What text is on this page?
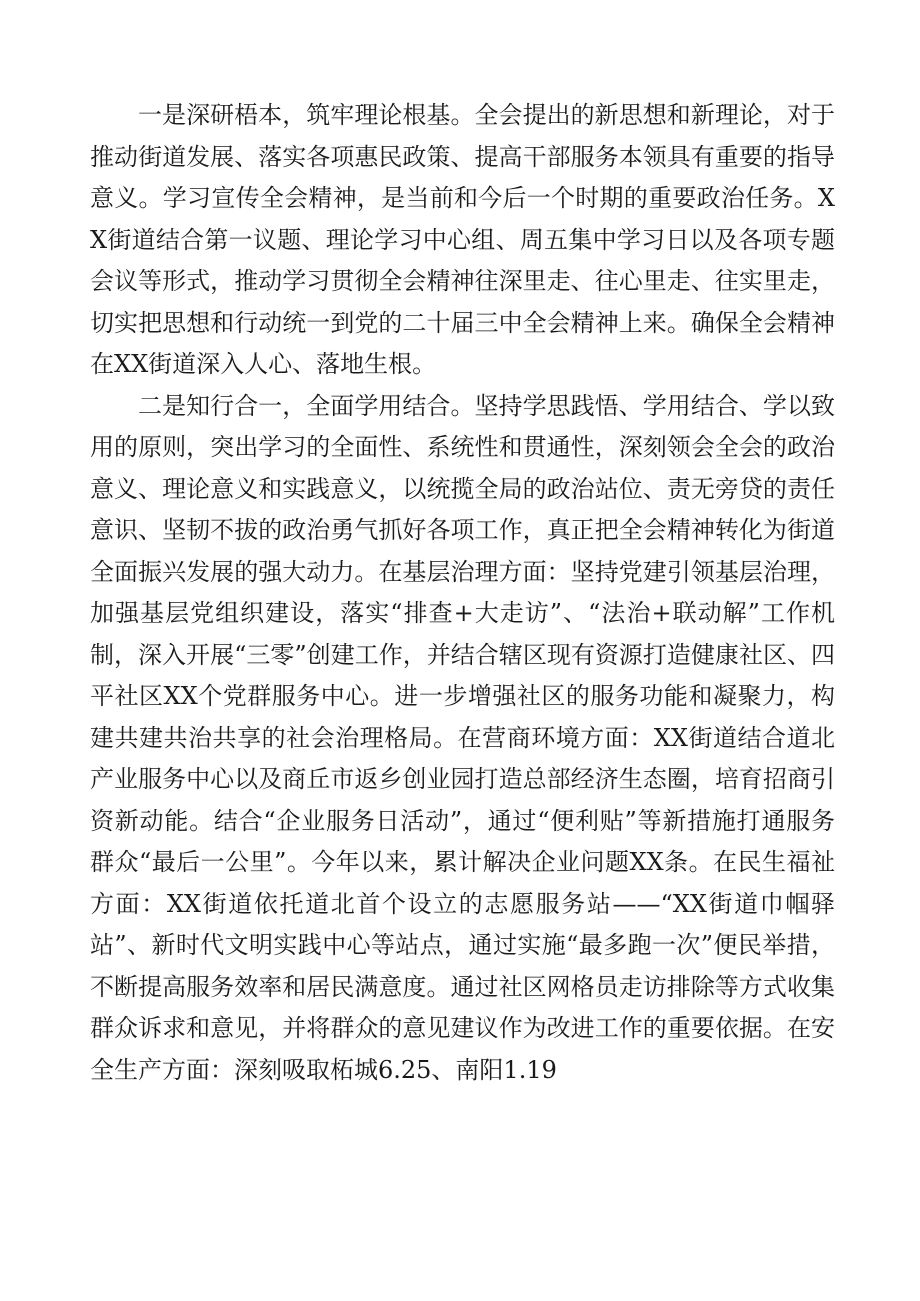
一是深研梧本，筑牢理论根基。全会提出的新思想和新理论，对于推动街道发展、落实各项惠民政策、提高干部服务本领具有重要的指导意义。学习宣传全会精神，是当前和今后一个时期的重要政治任务。XX街道结合第一议题、理论学习中心组、周五集中学习日以及各项专题会议等形式，推动学习贯彻全会精神往深里走、往心里走、往实里走，切实把思想和行动统一到党的二十届三中全会精神上来。确保全会精神在XX街道深入人心、落地生根。

二是知行合一，全面学用结合。坚持学思践悟、学用结合、学以致用的原则，突出学习的全面性、系统性和贯通性，深刻领会全会的政治意义、理论意义和实践意义，以统揽全局的政治站位、责无旁贷的责任意识、坚韧不拔的政治勇气抓好各项工作，真正把全会精神转化为街道全面振兴发展的强大动力。在基层治理方面：坚持党建引领基层治理，加强基层党组织建设，落实“排查+大走访”、“法治+联动解”工作机制，深入开展“三零”创建工作，并结合辖区现有资源打造健康社区、四平社区XX个党群服务中心。进一步增强社区的服务功能和凝聚力，构建共建共治共享的社会治理格局。在营商环境方面：XX街道结合道北产业服务中心以及商丘市返乡创业园打造总部经济生态圈，培育招商引资新动能。结合“企业服务日活动”，通过“便利贴”等新措施打通服务群众“最后一公里”。今年以来，累计解决企业问题XX条。在民生福祉方面：XX街道依托道北首个设立的志愿服务站——“XX街道巾帼驿站”、新时代文明实践中心等站点，通过实施“最多跑一次”便民举措，不断提高服务效率和居民满意度。通过社区网格员走访排除等方式收集群众诉求和意见，并将群众的意见建议作为改进工作的重要依据。在安全生产方面：深刻吸取柘城6.25、南阳1.19
